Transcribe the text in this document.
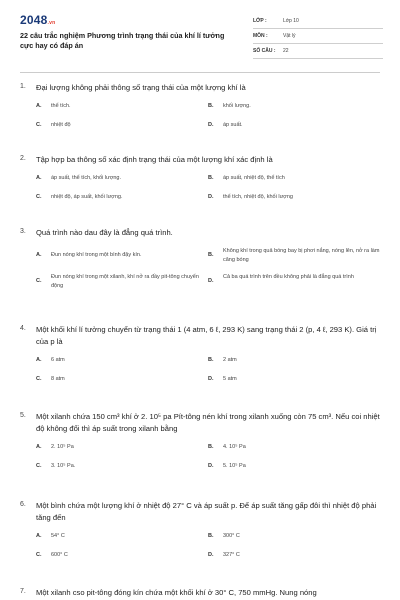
2048.vn
22 câu trắc nghiệm Phương trình trạng thái của khí lí tưởng cực hay có đáp án
LỚP :	Lớp 10
MÔN :	Vật lý
SỐ CÂU :	22
1.	Đại lượng không phải thông số trạng thái của một lượng khí là
A.	thể tích.	B.	khối lượng.
C.	nhiệt độ	D.	áp suất.
2.	Tập hợp ba thông số xác định trạng thái của một lượng khí xác định là
A.	áp suất, thể tích, khối lượng.	B.	áp suất, nhiệt độ, thể tích
C.	nhiệt độ, áp suất, khối lượng.	D.	thể tích, nhiệt độ, khối lượng
3.	Quá trình nào dau đây là đẳng quá trình.
A.	Đun nóng khí trong một bình đậy kín.	B.
Không khí trong quả bóng bay bị phơi nắng, nóng lên, nở ra làm căng bóng
C.
Đun nóng khí trong một xilanh, khí nở ra đầy pit-tông chuyển động
D.
Cả ba quá trình trên đều không phải là đẳng quá trình
4.	Một khối khí lí tưởng chuyển từ trạng thái 1 (4 atm, 6 ℓ, 293 K) sang trạng thái 2 (p, 4 ℓ, 293 K). Giá trị của p là
A.	6 atm	B.	2 atm
C.	8 atm	D.	5 atm
5.	Một xilanh chứa 150 cm³ khí ở 2. 10⁵ pa Pít-tông nén khí trong xilanh xuống còn 75 cm³. Nếu coi nhiệt độ không đổi thì áp suất trong xilanh bằng
A.	2. 10⁵ Pa	B.	4. 10⁵ Pa
C.	3. 10⁵ Pa.	D.	5. 10⁵ Pa
6.	Một bình chứa một lượng khí ở nhiệt độ 27° C và áp suất p. Để áp suất tăng gấp đôi thì nhiệt độ phải tăng đến
A.	54° C	B.	300° C
C.	600° C	D.	327° C
7.	Một xilanh cso pit-tông đóng kín chứa một khối khí ở 30° C, 750 mmHg. Nung nóng
